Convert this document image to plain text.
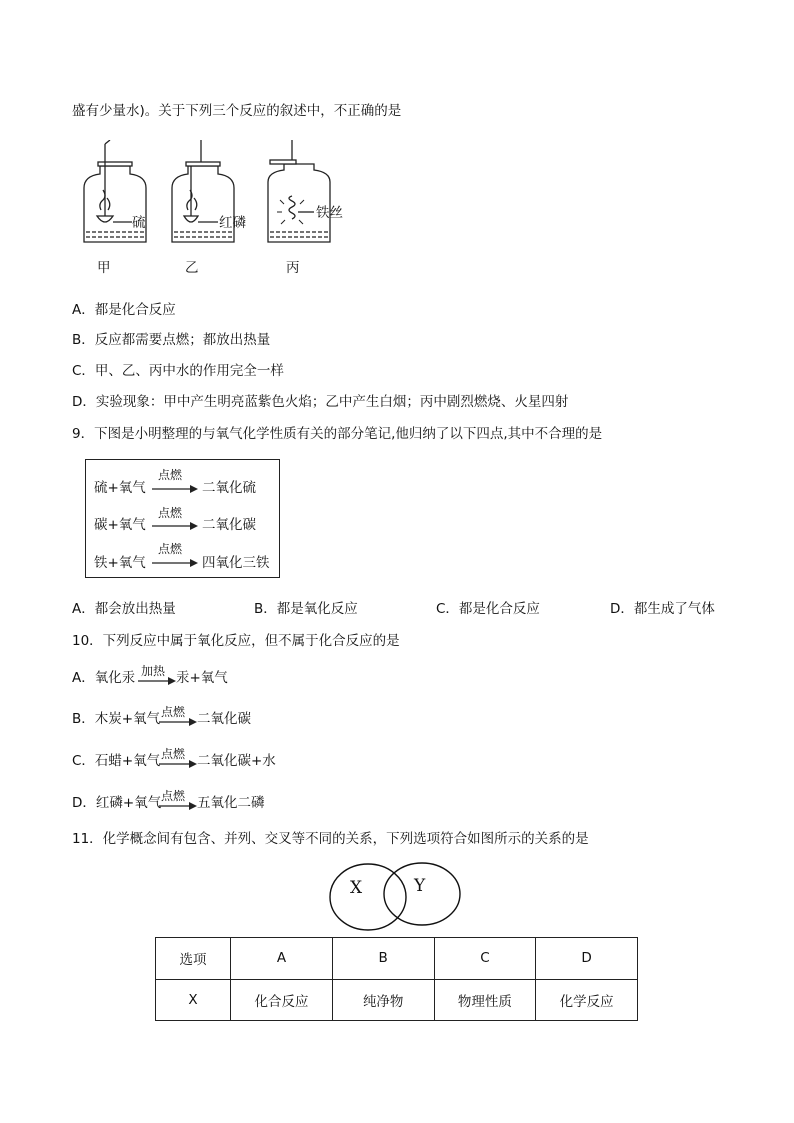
盛有少量水)。关于下列三个反应的叙述中，不正确的是
硫	红磷
铁丝
甲	乙	丙
A．都是化合反应
B．反应都需要点燃；都放出热量
C．甲、乙、丙中水的作用完全一样
D．实验现象：甲中产生明亮蓝紫色火焰；乙中产生白烟；丙中剧烈燃烧、火星四射
9．下图是小明整理的与氧气化学性质有关的部分笔记,他归纳了以下四点,其中不合理的是
硫+氧气
点燃
二氧化硫
碳+氧气
点燃
二氧化碳
铁+氧气
点燃
四氧化三铁
A．都会放出热量	B．都是氧化反应	C．都是化合反应	D．都生成了气体
10．下列反应中属于氧化反应，但不属于化合反应的是
A．氧化汞 加热 汞+氧气
B．木炭+氧气 点燃 二氧化碳
C．石蜡+氧气 点燃 二氧化碳+水
D．红磷+氧气 点燃 五氧化二磷
11．化学概念间有包含、并列、交叉等不同的关系，下列选项符合如图所示的关系的是
X	Y
选项	A	B	C	D
X	化合反应	纯净物	物理性质	化学反应
